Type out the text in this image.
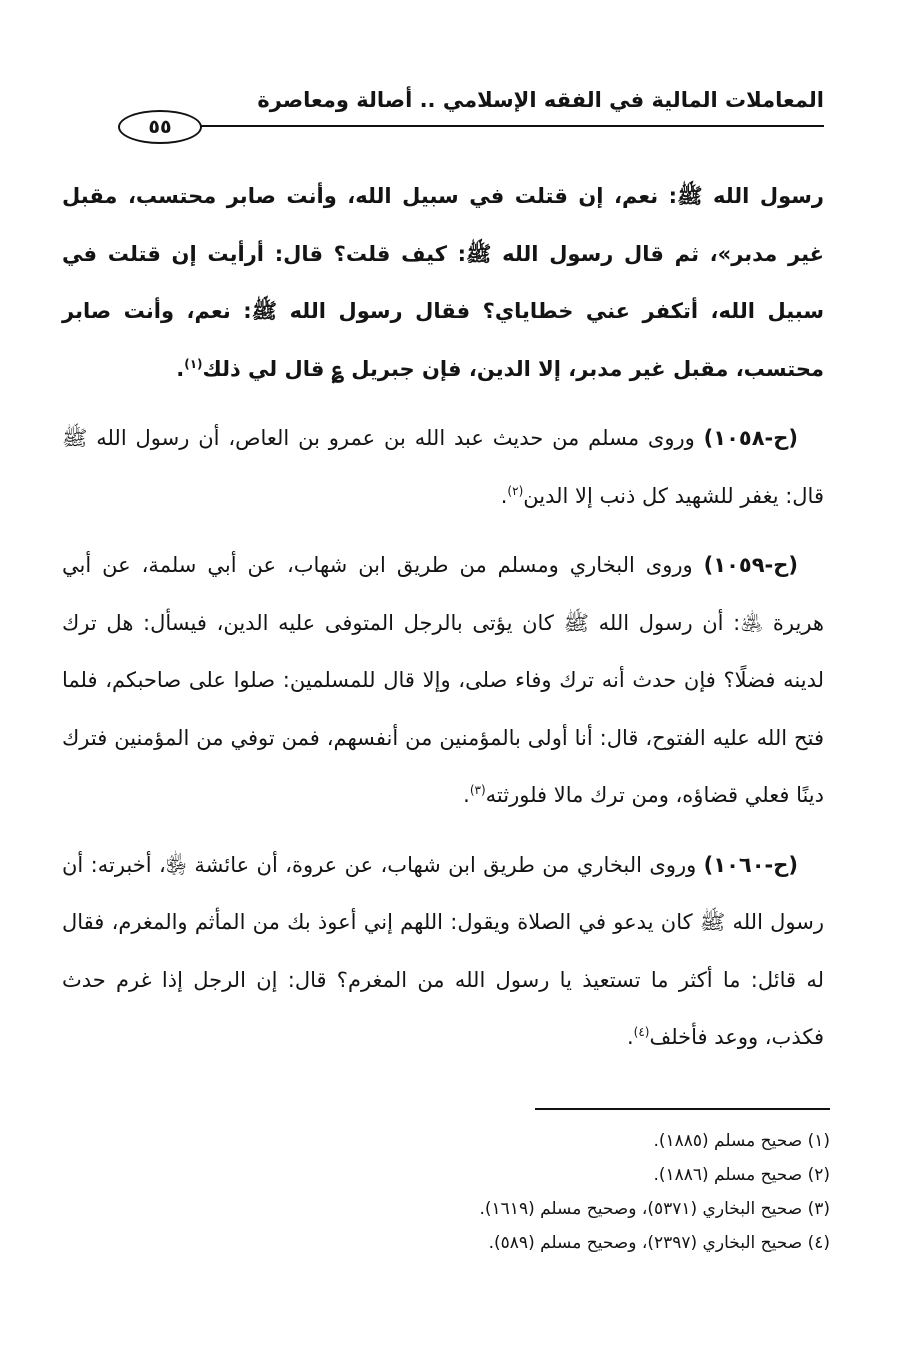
المعاملات المالية في الفقه الإسلامي .. أصالة ومعاصرة
٥٥

رسول الله ﷺ: نعم، إن قتلت في سبيل الله، وأنت صابر محتسب، مقبل غير مدبر»، ثم قال رسول الله ﷺ: كيف قلت؟ قال: أرأيت إن قتلت في سبيل الله، أتكفر عني خطاياي؟ فقال رسول الله ﷺ: نعم، وأنت صابر محتسب، مقبل غير مدبر، إلا الدين، فإن جبريل ؏ قال لي ذلك$^{(١)}$.

(ح-١٠٥٨) وروى مسلم من حديث عبد الله بن عمرو بن العاص، أن رسول الله ﷺ قال: يغفر للشهيد كل ذنب إلا الدين$^{(٢)}$.

(ح-١٠٥٩) وروى البخاري ومسلم من طريق ابن شهاب، عن أبي سلمة، عن أبي هريرة ﵁: أن رسول الله ﷺ كان يؤتى بالرجل المتوفى عليه الدين، فيسأل: هل ترك لدينه فضلًا؟ فإن حدث أنه ترك وفاء صلى، وإلا قال للمسلمين: صلوا على صاحبكم، فلما فتح الله عليه الفتوح، قال: أنا أولى بالمؤمنين من أنفسهم، فمن توفي من المؤمنين فترك دينًا فعلي قضاؤه، ومن ترك مالا فلورثته$^{(٣)}$.

(ح-١٠٦٠) وروى البخاري من طريق ابن شهاب، عن عروة، أن عائشة ﵂، أخبرته: أن رسول الله ﷺ كان يدعو في الصلاة ويقول: اللهم إني أعوذ بك من المأثم والمغرم، فقال له قائل: ما أكثر ما تستعيذ يا رسول الله من المغرم؟ قال: إن الرجل إذا غرم حدث فكذب، ووعد فأخلف$^{(٤)}$.

(١) صحيح مسلم (١٨٨٥).
(٢) صحيح مسلم (١٨٨٦).
(٣) صحيح البخاري (٥٣٧١)، وصحيح مسلم (١٦١٩).
(٤) صحيح البخاري (٢٣٩٧)، وصحيح مسلم (٥٨٩).
